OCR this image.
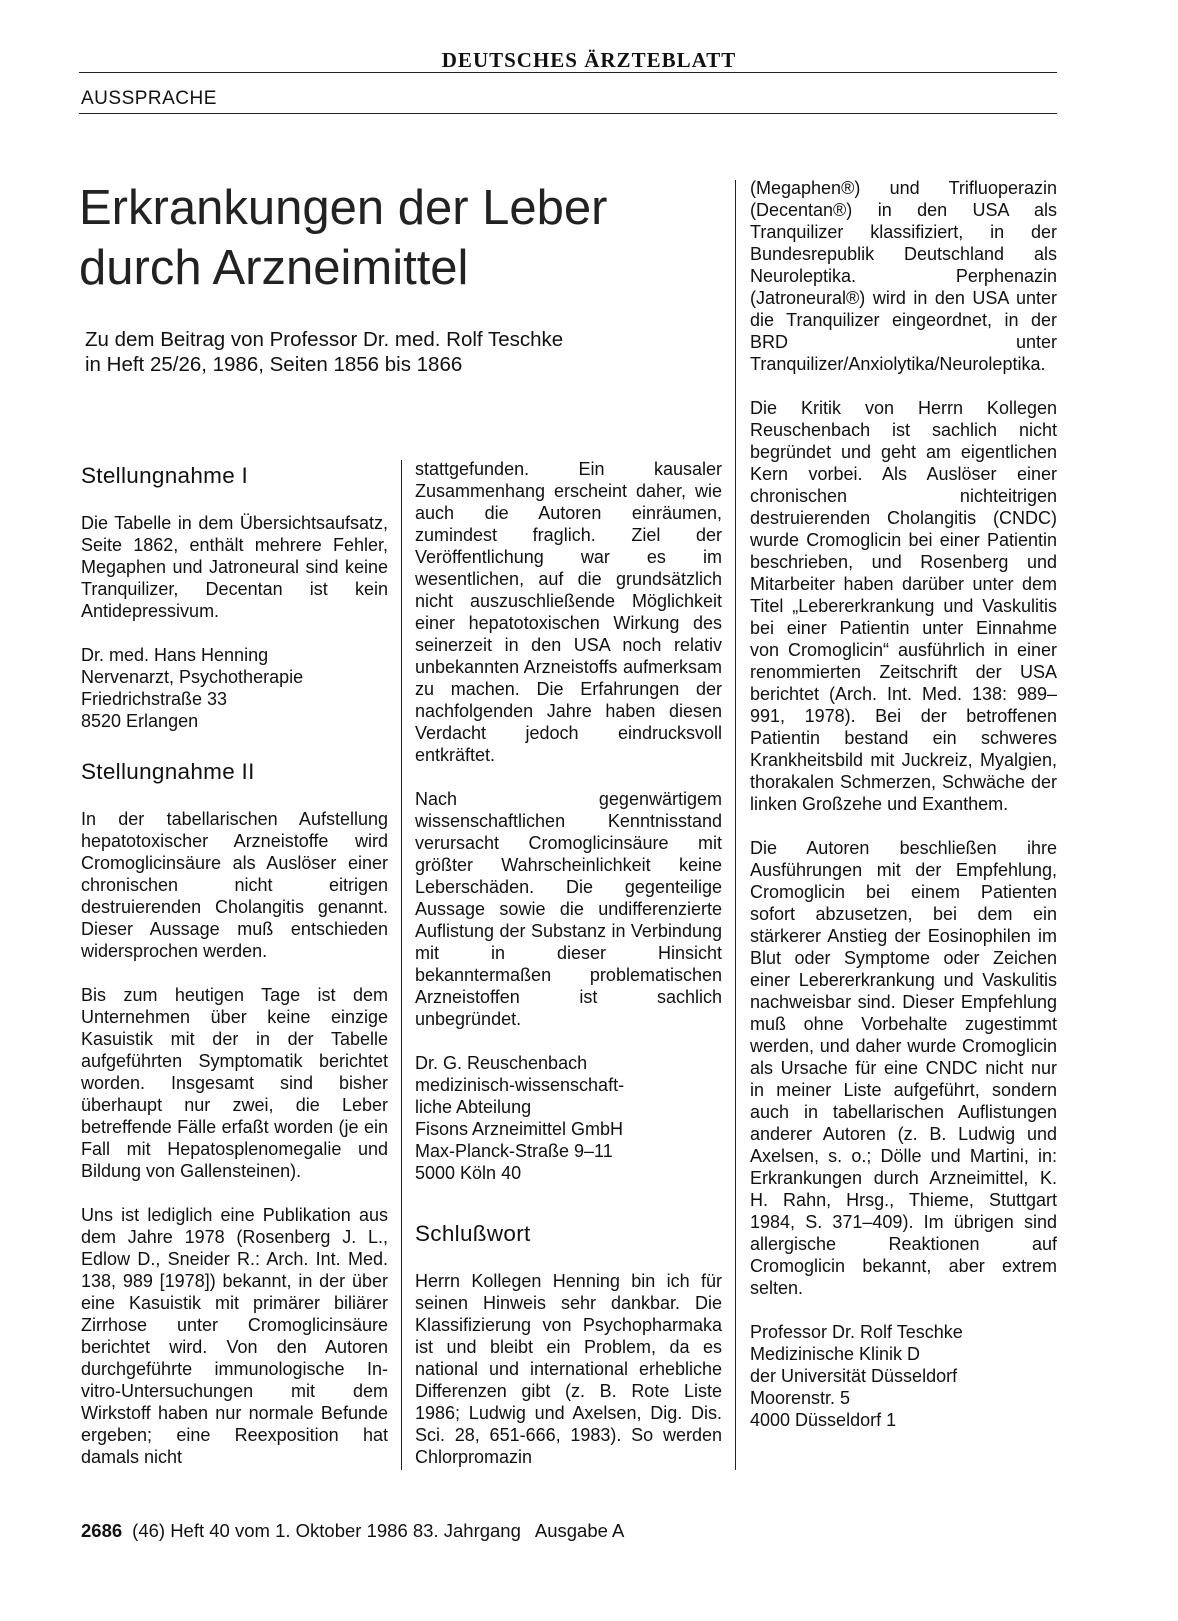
DEUTSCHES ÄRZTEBLATT
AUSSPRACHE
Erkrankungen der Leber durch Arzneimittel
Zu dem Beitrag von Professor Dr. med. Rolf Teschke
in Heft 25/26, 1986, Seiten 1856 bis 1866
Stellungnahme I

Die Tabelle in dem Übersichtsaufsatz, Seite 1862, enthält mehrere Fehler, Megaphen und Jatroneural sind keine Tranquilizer, Decentan ist kein Antidepressivum.

Dr. med. Hans Henning
Nervenarzt, Psychotherapie
Friedrichstraße 33
8520 Erlangen

Stellungnahme II

In der tabellarischen Aufstellung hepatotoxischer Arzneistoffe wird Cromoglicinsäure als Auslöser einer chronischen nicht eitrigen destruierenden Cholangitis genannt. Dieser Aussage muß entschieden widersprochen werden.

Bis zum heutigen Tage ist dem Unternehmen über keine einzige Kasuistik mit der in der Tabelle aufgeführten Symptomatik berichtet worden. Insgesamt sind bisher überhaupt nur zwei, die Leber betreffende Fälle erfaßt worden (je ein Fall mit Hepatosplenomegalie und Bildung von Gallensteinen).

Uns ist lediglich eine Publikation aus dem Jahre 1978 (Rosenberg J. L., Edlow D., Sneider R.: Arch. Int. Med. 138, 989 [1978]) bekannt, in der über eine Kasuistik mit primärer biliärer Zirrhose unter Cromoglicinsäure berichtet wird. Von den Autoren durchgeführte immunologische In-vitro-Untersuchungen mit dem Wirkstoff haben nur normale Befunde ergeben; eine Reexposition hat damals nicht

stattgefunden. Ein kausaler Zusammenhang erscheint daher, wie auch die Autoren einräumen, zumindest fraglich. Ziel der Veröffentlichung war es im wesentlichen, auf die grundsätzlich nicht auszuschließende Möglichkeit einer hepatotoxischen Wirkung des seinerzeit in den USA noch relativ unbekannten Arzneistoffs aufmerksam zu machen. Die Erfahrungen der nachfolgenden Jahre haben diesen Verdacht jedoch eindrucksvoll entkräftet.

Nach gegenwärtigem wissenschaftlichen Kenntnisstand verursacht Cromoglicinsäure mit größter Wahrscheinlichkeit keine Leberschäden. Die gegenteilige Aussage sowie die undifferenzierte Auflistung der Substanz in Verbindung mit in dieser Hinsicht bekanntermaßen problematischen Arzneistoffen ist sachlich unbegründet.

Dr. G. Reuschenbach
medizinisch-wissenschaft-
liche Abteilung
Fisons Arzneimittel GmbH
Max-Planck-Straße 9–11
5000 Köln 40

Schlußwort

Herrn Kollegen Henning bin ich für seinen Hinweis sehr dankbar. Die Klassifizierung von Psychopharmaka ist und bleibt ein Problem, da es national und international erhebliche Differenzen gibt (z. B. Rote Liste 1986; Ludwig und Axelsen, Dig. Dis. Sci. 28, 651-666, 1983). So werden Chlorpromazin

(Megaphen®) und Trifluoperazin (Decentan®) in den USA als Tranquilizer klassifiziert, in der Bundesrepublik Deutschland als Neuroleptika. Perphenazin (Jatroneural®) wird in den USA unter die Tranquilizer eingeordnet, in der BRD unter Tranquilizer/Anxiolytika/Neuroleptika.

Die Kritik von Herrn Kollegen Reuschenbach ist sachlich nicht begründet und geht am eigentlichen Kern vorbei. Als Auslöser einer chronischen nichteitrigen destruierenden Cholangitis (CNDC) wurde Cromoglicin bei einer Patientin beschrieben, und Rosenberg und Mitarbeiter haben darüber unter dem Titel „Lebererkrankung und Vaskulitis bei einer Patientin unter Einnahme von Cromoglicin“ ausführlich in einer renommierten Zeitschrift der USA berichtet (Arch. Int. Med. 138: 989–991, 1978). Bei der betroffenen Patientin bestand ein schweres Krankheitsbild mit Juckreiz, Myalgien, thorakalen Schmerzen, Schwäche der linken Großzehe und Exanthem.

Die Autoren beschließen ihre Ausführungen mit der Empfehlung, Cromoglicin bei einem Patienten sofort abzusetzen, bei dem ein stärkerer Anstieg der Eosinophilen im Blut oder Symptome oder Zeichen einer Lebererkrankung und Vaskulitis nachweisbar sind. Dieser Empfehlung muß ohne Vorbehalte zugestimmt werden, und daher wurde Cromoglicin als Ursache für eine CNDC nicht nur in meiner Liste aufgeführt, sondern auch in tabellarischen Auflistungen anderer Autoren (z. B. Ludwig und Axelsen, s. o.; Dölle und Martini, in: Erkrankungen durch Arzneimittel, K. H. Rahn, Hrsg., Thieme, Stuttgart 1984, S. 371–409). Im übrigen sind allergische Reaktionen auf Cromoglicin bekannt, aber extrem selten.

Professor Dr. Rolf Teschke
Medizinische Klinik D
der Universität Düsseldorf
Moorenstr. 5
4000 Düsseldorf 1

2686 (46) Heft 40 vom 1. Oktober 1986 83. Jahrgang Ausgabe A
